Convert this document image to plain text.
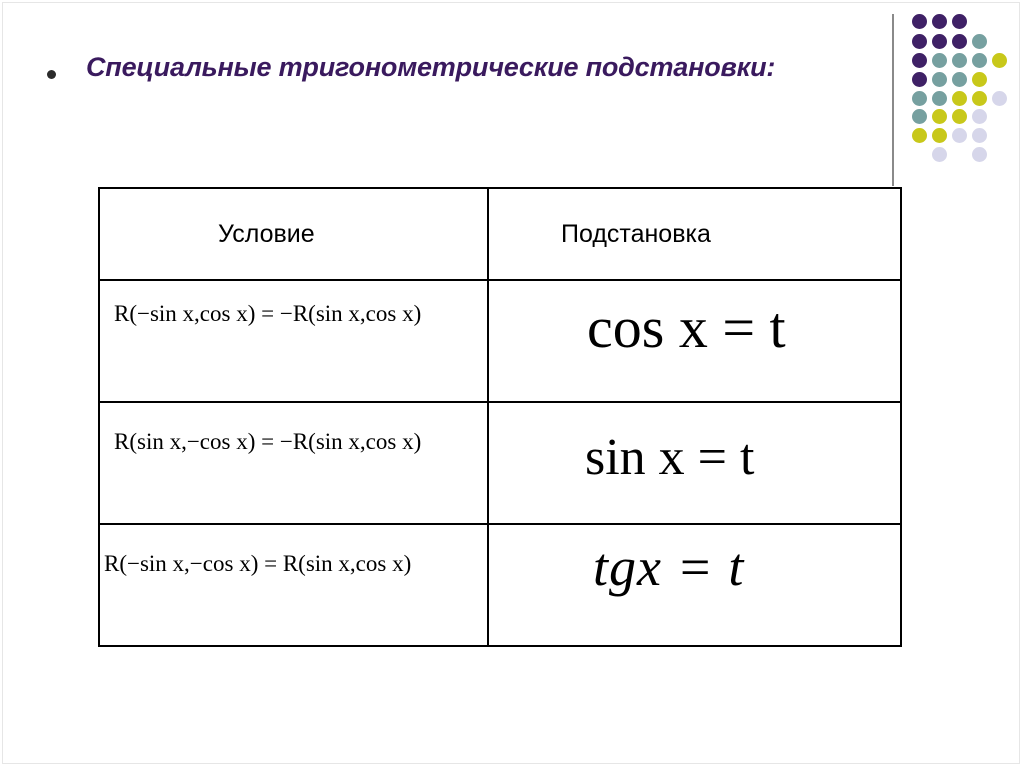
Специальные тригонометрические подстановки:
Условие	Подстановка

R(−sin x,cos x) = −R(sin x,cos x)	cos x = t

R(sin x,−cos x) = −R(sin x,cos x)	sin x = t

R(−sin x,−cos x) = R(sin x,cos x)	tgx = t
